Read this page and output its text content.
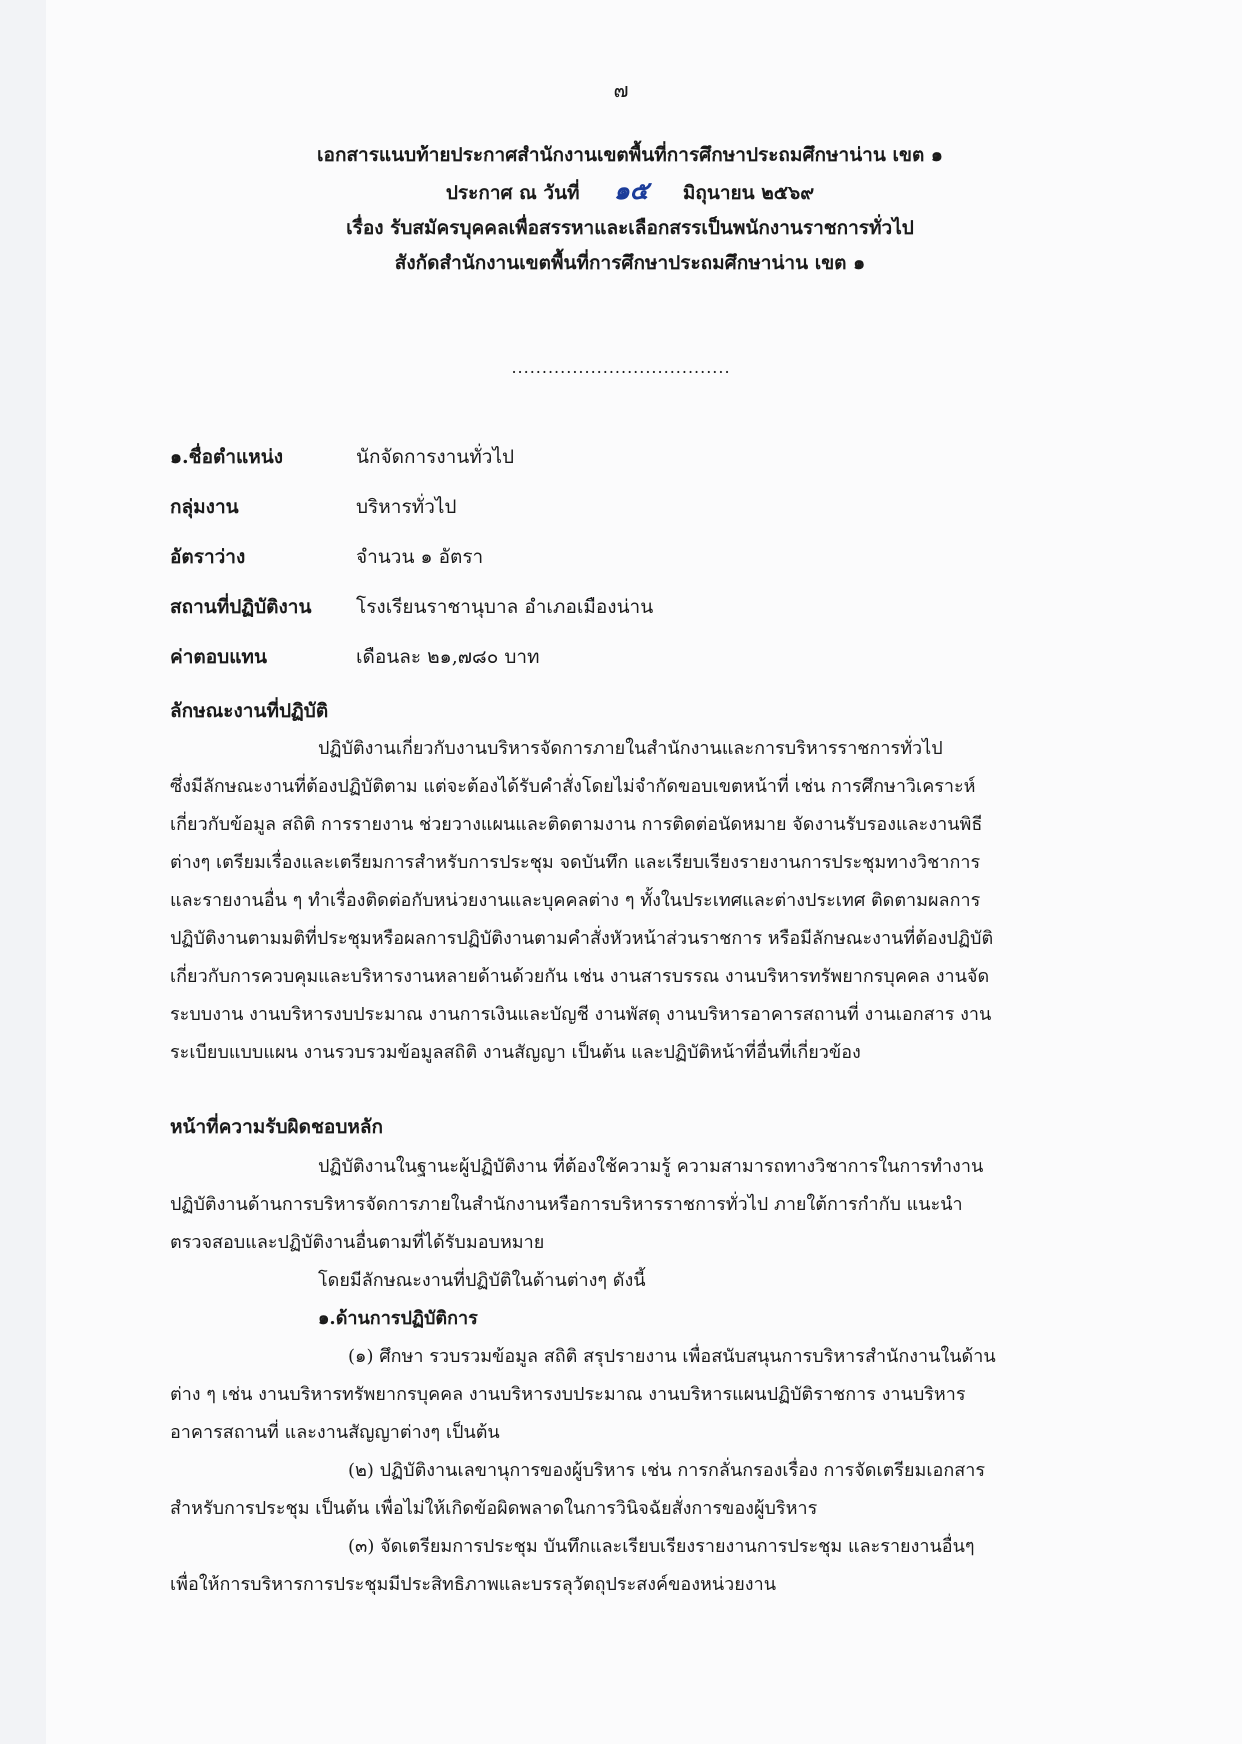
๗
เอกสารแนบท้ายประกาศสำนักงานเขตพื้นที่การศึกษาประถมศึกษาน่าน เขต ๑
ประกาศ ณ วันที่ ๑๕ มิถุนายน ๒๕๖๙
เรื่อง รับสมัครบุคคลเพื่อสรรหาและเลือกสรรเป็นพนักงานราชการทั่วไป
สังกัดสำนักงานเขตพื้นที่การศึกษาประถมศึกษาน่าน เขต ๑
....................................
๑.ชื่อตำแหน่ง	นักจัดการงานทั่วไป
กลุ่มงาน	บริหารทั่วไป
อัตราว่าง	จำนวน ๑ อัตรา
สถานที่ปฏิบัติงาน	โรงเรียนราชานุบาล อำเภอเมืองน่าน
ค่าตอบแทน	เดือนละ ๒๑,๗๘๐ บาท
ลักษณะงานที่ปฏิบัติ
ปฏิบัติงานเกี่ยวกับงานบริหารจัดการภายในสำนักงานและการบริหารราชการทั่วไป
ซึ่งมีลักษณะงานที่ต้องปฏิบัติตาม แต่จะต้องได้รับคำสั่งโดยไม่จำกัดขอบเขตหน้าที่ เช่น การศึกษาวิเคราะห์
เกี่ยวกับข้อมูล สถิติ การรายงาน ช่วยวางแผนและติดตามงาน การติดต่อนัดหมาย จัดงานรับรองและงานพิธี
ต่างๆ เตรียมเรื่องและเตรียมการสำหรับการประชุม จดบันทึก และเรียบเรียงรายงานการประชุมทางวิชาการ
และรายงานอื่น ๆ ทำเรื่องติดต่อกับหน่วยงานและบุคคลต่าง ๆ ทั้งในประเทศและต่างประเทศ ติดตามผลการ
ปฏิบัติงานตามมติที่ประชุมหรือผลการปฏิบัติงานตามคำสั่งหัวหน้าส่วนราชการ หรือมีลักษณะงานที่ต้องปฏิบัติ
เกี่ยวกับการควบคุมและบริหารงานหลายด้านด้วยกัน เช่น งานสารบรรณ งานบริหารทรัพยากรบุคคล งานจัด
ระบบงาน งานบริหารงบประมาณ งานการเงินและบัญชี งานพัสดุ งานบริหารอาคารสถานที่ งานเอกสาร งาน
ระเบียบแบบแผน งานรวบรวมข้อมูลสถิติ งานสัญญา เป็นต้น และปฏิบัติหน้าที่อื่นที่เกี่ยวข้อง
หน้าที่ความรับผิดชอบหลัก
ปฏิบัติงานในฐานะผู้ปฏิบัติงาน ที่ต้องใช้ความรู้ ความสามารถทางวิชาการในการทำงาน
ปฏิบัติงานด้านการบริหารจัดการภายในสำนักงานหรือการบริหารราชการทั่วไป ภายใต้การกำกับ แนะนำ
ตรวจสอบและปฏิบัติงานอื่นตามที่ได้รับมอบหมาย
โดยมีลักษณะงานที่ปฏิบัติในด้านต่างๆ ดังนี้
๑.ด้านการปฏิบัติการ
(๑) ศึกษา รวบรวมข้อมูล สถิติ สรุปรายงาน เพื่อสนับสนุนการบริหารสำนักงานในด้าน
ต่าง ๆ เช่น งานบริหารทรัพยากรบุคคล งานบริหารงบประมาณ งานบริหารแผนปฏิบัติราชการ งานบริหาร
อาคารสถานที่ และงานสัญญาต่างๆ เป็นต้น
(๒) ปฏิบัติงานเลขานุการของผู้บริหาร เช่น การกลั่นกรองเรื่อง การจัดเตรียมเอกสาร
สำหรับการประชุม เป็นต้น เพื่อไม่ให้เกิดข้อผิดพลาดในการวินิจฉัยสั่งการของผู้บริหาร
(๓) จัดเตรียมการประชุม บันทึกและเรียบเรียงรายงานการประชุม และรายงานอื่นๆ
เพื่อให้การบริหารการประชุมมีประสิทธิภาพและบรรลุวัตถุประสงค์ของหน่วยงาน
